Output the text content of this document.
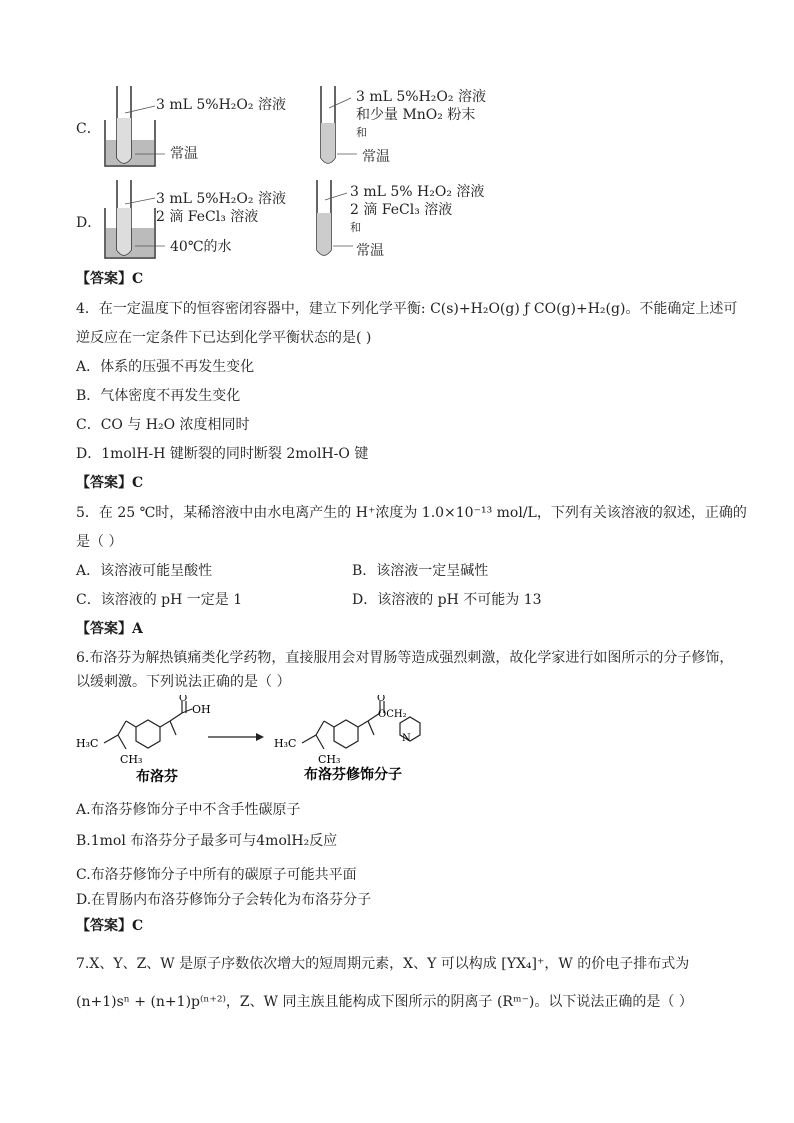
C．
D．
3 mL 5%H₂O₂ 溶液
常温
3 mL 5%H₂O₂ 溶液
和少量 MnO₂ 粉末
和
常温
3 mL 5%H₂O₂ 溶液
2 滴 FeCl₃ 溶液
40℃的水
3 mL 5% H₂O₂ 溶液
2 滴 FeCl₃ 溶液
和
常温
【答案】C
4．在一定温度下的恒容密闭容器中，建立下列化学平衡: C(s)+H₂O(g) ƒ CO(g)+H₂(g)。不能确定上述可
逆反应在一定条件下已达到化学平衡状态的是( )
A．体系的压强不再发生变化
B．气体密度不再发生变化
C．CO 与 H₂O 浓度相同时
D．1molH-H 键断裂的同时断裂 2molH-O 键
【答案】C
5．在 25 ℃时，某稀溶液中由水电离产生的 H⁺浓度为 1.0×10⁻¹³ mol/L，下列有关该溶液的叙述，正确的
是（ ）
A．该溶液可能呈酸性	B．该溶液一定呈碱性
C．该溶液的 pH 一定是 1	D．该溶液的 pH 不可能为 13
【答案】A
6.布洛芬为解热镇痛类化学药物，直接服用会对胃肠等造成强烈刺激，故化学家进行如图所示的分子修饰，
以缓刺激。下列说法正确的是（ ）
H₃C
CH₃
OH
O
布洛芬
H₃C
CH₃
OCH₂
O
N
布洛芬修饰分子
A.布洛芬修饰分子中不含手性碳原子
B.1mol 布洛芬分子最多可与4molH₂反应
C.布洛芬修饰分子中所有的碳原子可能共平面
D.在胃肠内布洛芬修饰分子会转化为布洛芬分子
【答案】C
7.X、Y、Z、W 是原子序数依次增大的短周期元素，X、Y 可以构成 [YX₄]⁺，W 的价电子排布式为
(n+1)sⁿ + (n+1)p⁽ⁿ⁺²⁾，Z、W 同主族且能构成下图所示的阴离子 (Rᵐ⁻)。以下说法正确的是（ ）
